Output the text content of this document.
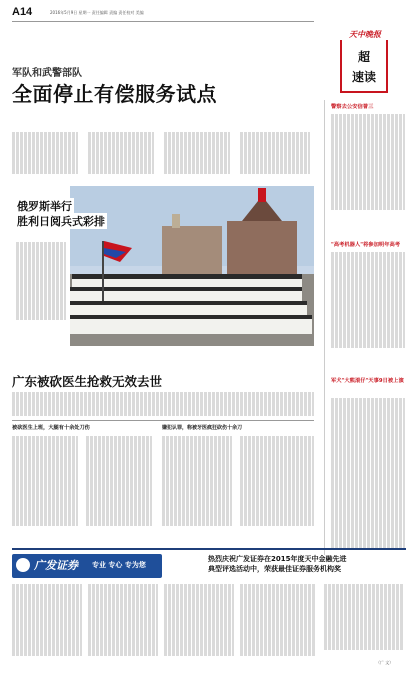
A14	2016年5月9日 星期一 责任编辑 责编 责任校对 美编
天中晚报
超
速读
军队和武警部队
全面停止有偿服务试点
俄罗斯举行
胜利日阅兵式彩排
广东被砍医生抢救无效去世
被砍医生上班，大腿有十余处刀伤	嫌犯认罪，称被牙医疯狂砍伤十余刀
警察去公安信誉三
"高考机器人"将参加明年高考
军犬"大熊滚仔"天事9日被上演
广发证券 专业 专心 专为您
热烈庆祝广发证券在2015年度天中金融先进
典型评选活动中，荣获最佳证券服务机构奖
（广 文）
